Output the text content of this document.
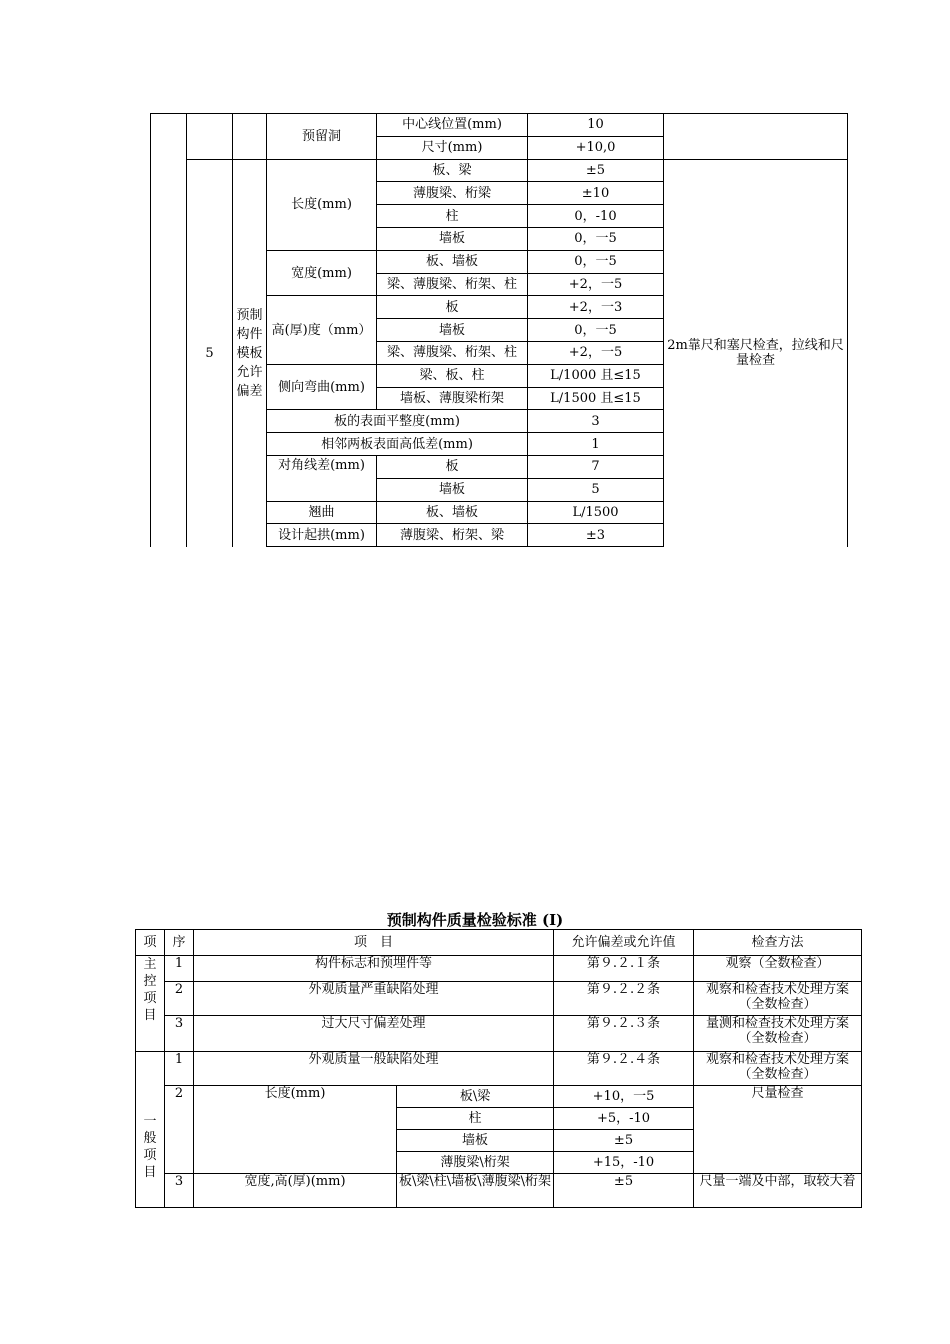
			预留洞	中心线位置(mm)	10	
				尺寸(mm)	+10,0	
	5	预制
构件
模板
允许
偏差	长度(mm)	板、梁	±5	2m靠尺和塞尺检查，拉线和尺量检查
				薄腹梁、桁梁	±10	
				柱	0，-10	
				墙板	0，一5	
			宽度(mm)	板、墙板	0，一5	
				梁、薄腹梁、桁架、柱	+2，一5	
			高(厚)度（mm）	板	+2，一3	
				墙板	0，一5	
				梁、薄腹梁、桁架、柱	+2，一5	
			侧向弯曲(mm)	梁、板、柱	L/1000 且≤15	
				墙板、薄腹梁桁架	L/1500 且≤15	
			板的表面平整度(mm)		3	
			相邻两板表面高低差(mm)		1	
			对角线差(mm)	板	7	
				墙板	5	
			翘曲	板、墙板	L/1500	
			设计起拱(mm)	薄腹梁、桁架、梁	±3	
预制构件质量检验标准 (I)
项	序	项　目		允许偏差或允许值	检查方法
主
控
项
目	1	构件标志和预埋件等		第９.２.１条	观察（全数检查）
	2	外观质量严重缺陷处理		第９.２.２条	观察和检查技术处理方案（全数检查）
	3	过大尺寸偏差处理		第９.２.３条	量测和检查技术处理方案（全数检查）
一
般
项
目	1	外观质量一般缺陷处理		第９.２.４条	观察和检查技术处理方案（全数检查）
	2	长度(mm)	板\梁	+10，一5	尺量检查
			柱	+5，-10	
			墙板	±5	
			薄腹梁\桁架	+15，-10	
	3	宽度,高(厚)(mm)	板\梁\柱\墙板\薄腹梁\桁架	±5	尺量一端及中部，取较大着
